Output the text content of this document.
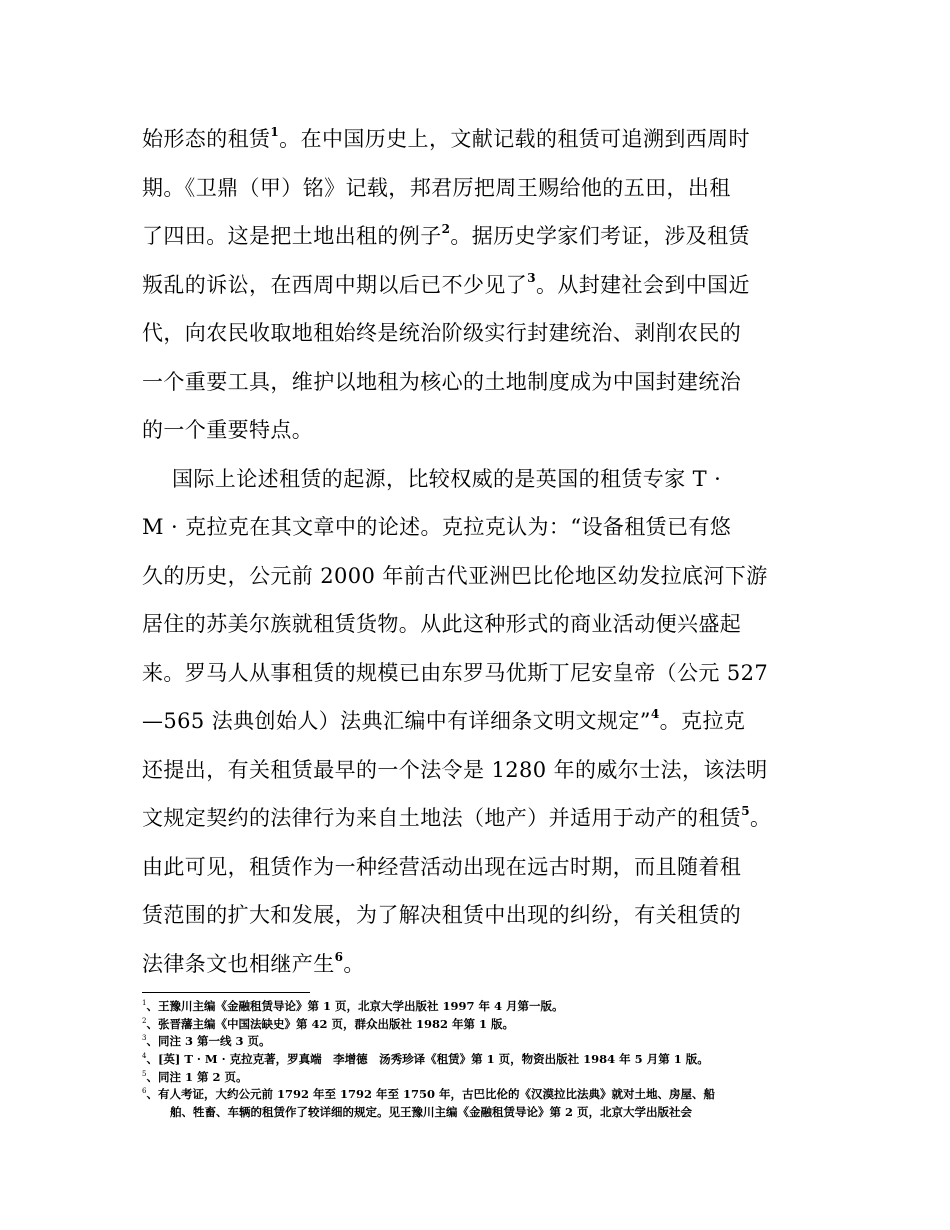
始形态的租赁$^1$。在中国历史上，文献记载的租赁可追溯到西周时
期。《卫鼎（甲）铭》记载，邦君厉把周王赐给他的五田，出租
了四田。这是把土地出租的例子$^2$。据历史学家们考证，涉及租赁
叛乱的诉讼，在西周中期以后已不少见了$^3$。从封建社会到中国近
代，向农民收取地租始终是统治阶级实行封建统治、剥削农民的
一个重要工具，维护以地租为核心的土地制度成为中国封建统治
的一个重要特点。
国际上论述租赁的起源，比较权威的是英国的租赁专家 T ·
M · 克拉克在其文章中的论述。克拉克认为：“设备租赁已有悠
久的历史，公元前 2000 年前古代亚洲巴比伦地区幼发拉底河下游
居住的苏美尔族就租赁货物。从此这种形式的商业活动便兴盛起
来。罗马人从事租赁的规模已由东罗马优斯丁尼安皇帝（公元 527
—565 法典创始人）法典汇编中有详细条文明文规定”$^4$。克拉克
还提出，有关租赁最早的一个法令是 1280 年的威尔士法，该法明
文规定契约的法律行为来自土地法（地产）并适用于动产的租赁$^5$。
由此可见，租赁作为一种经营活动出现在远古时期，而且随着租
赁范围的扩大和发展，为了解决租赁中出现的纠纷，有关租赁的
法律条文也相继产生$^6$。
$^1$、王豫川主编《金融租赁导论》第 1 页，北京大学出版社 1997 年 4 月第一版。
$^2$、张晋藩主编《中国法缺史》第 42 页，群众出版社 1982 年第 1 版。
$^3$、同注 3 第一线 3 页。
$^4$、[英] T · M · 克拉克著，罗真端　李增德　汤秀珍译《租赁》第 1 页，物资出版社 1984 年 5 月第 1 版。
$^5$、同注 1 第 2 页。
$^6$、有人考证，大约公元前 1792 年至 1792 年至 1750 年，古巴比伦的《汉漠拉比法典》就对土地、房屋、船
舶、牲畜、车辆的租赁作了较详细的规定。见王豫川主编《金融租赁导论》第 2 页，北京大学出版社会
